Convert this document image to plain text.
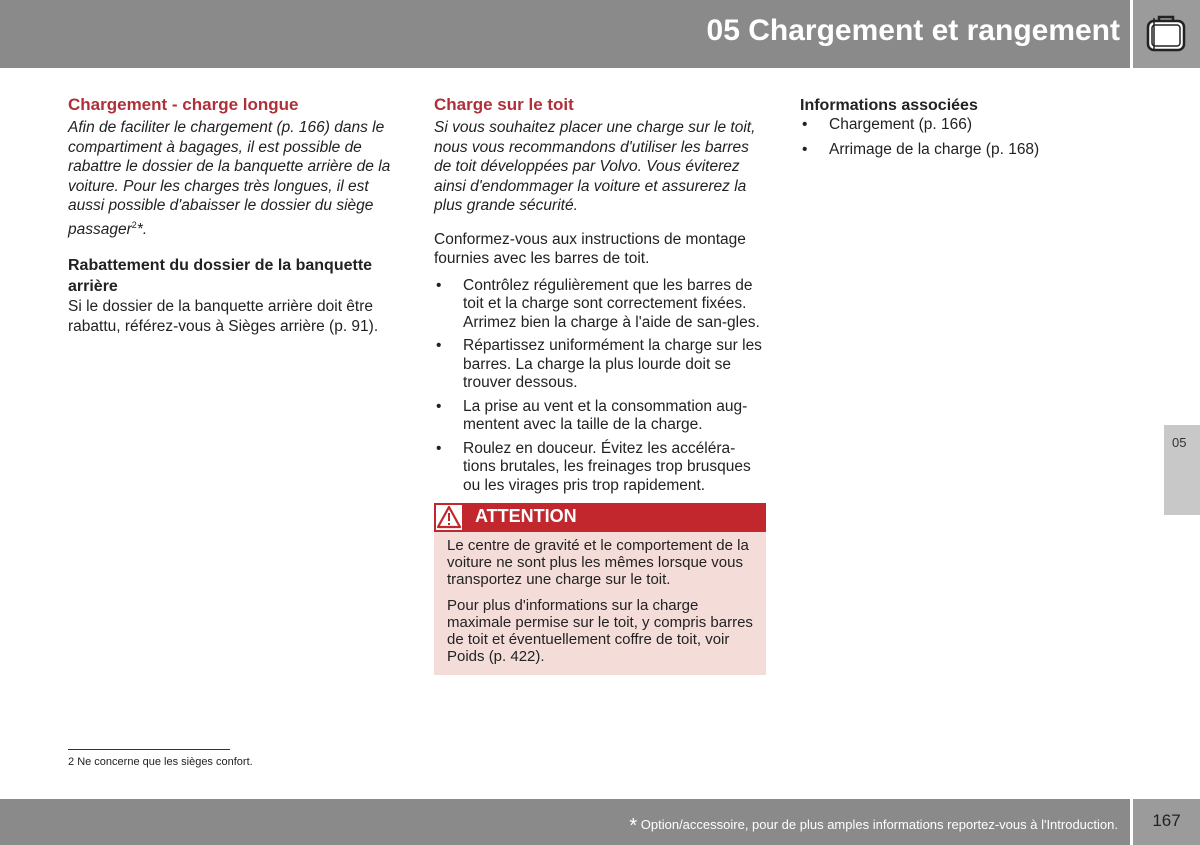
05 Chargement et rangement
Chargement - charge longue

Afin de faciliter le chargement (p. 166) dans le compartiment à bagages, il est possible de rabattre le dossier de la banquette arrière de la voiture. Pour les charges très longues, il est aussi possible d'abaisser le dossier du siège passager$^2$*.

Rabattement du dossier de la banquette arrière

Si le dossier de la banquette arrière doit être rabattu, référez-vous à Sièges arrière (p. 91).

Charge sur le toit

Si vous souhaitez placer une charge sur le toit, nous vous recommandons d'utiliser les barres de toit développées par Volvo. Vous éviterez ainsi d'endommager la voiture et assurerez la plus grande sécurité.

Conformez-vous aux instructions de montage fournies avec les barres de toit.

• Contrôlez régulièrement que les barres de toit et la charge sont correctement fixées. Arrimez bien la charge à l'aide de san-gles.
• Répartissez uniformément la charge sur les barres. La charge la plus lourde doit se trouver dessous.
• La prise au vent et la consommation aug-mentent avec la taille de la charge.
• Roulez en douceur. Évitez les accéléra-tions brutales, les freinages trop brusques ou les virages pris trop rapidement.
ATTENTION

Le centre de gravité et le comportement de la voiture ne sont plus les mêmes lorsque vous transportez une charge sur le toit.

Pour plus d'informations sur la charge maximale permise sur le toit, y compris barres de toit et éventuellement coffre de toit, voir Poids (p. 422).

Informations associées
• Chargement (p. 166)
• Arrimage de la charge (p. 168)
2 Ne concerne que les sièges confort.
05
* Option/accessoire, pour de plus amples informations reportez-vous à l'Introduction.	167
